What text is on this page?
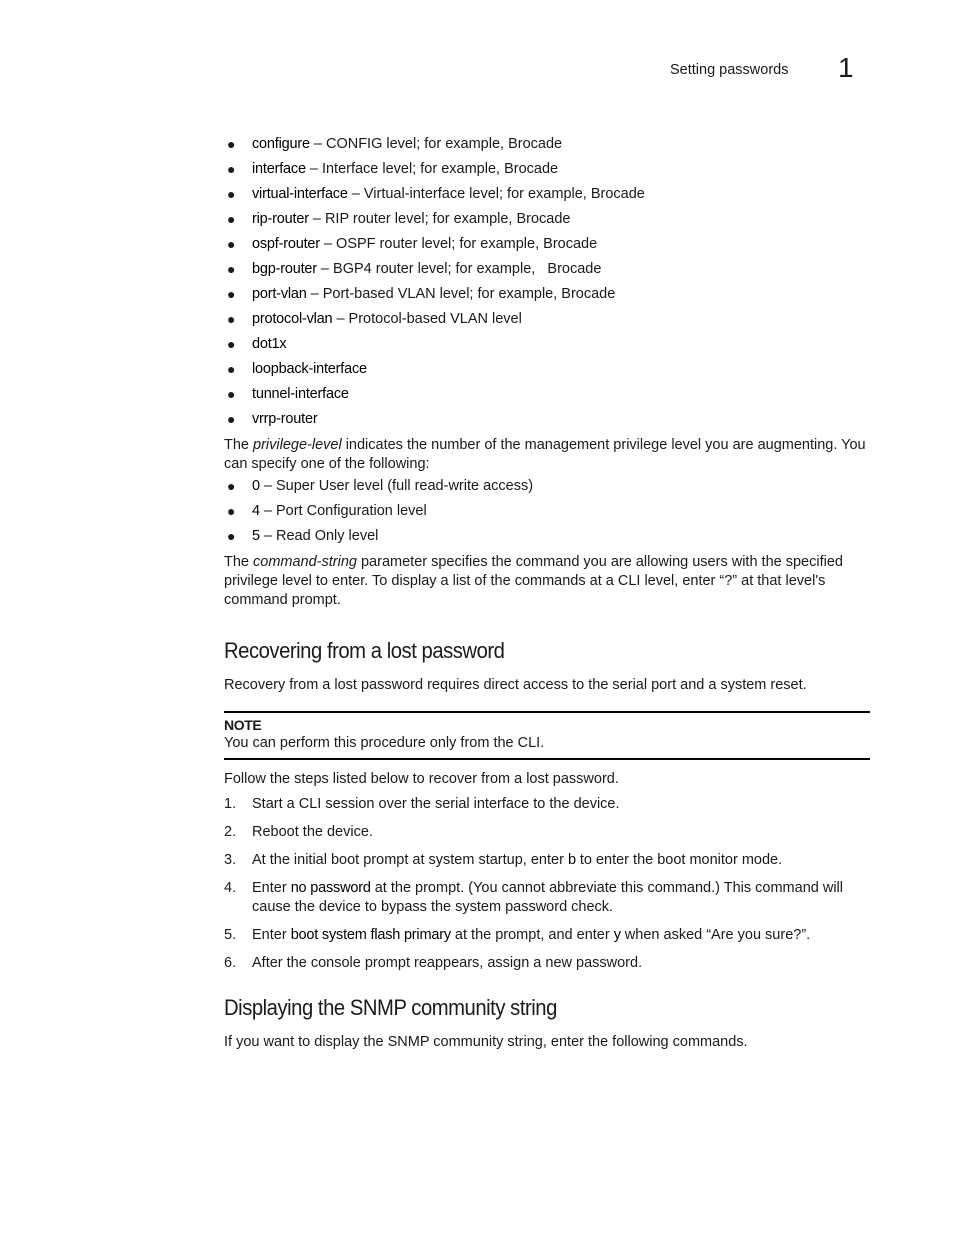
Setting passwords 1
● configure – CONFIG level; for example, Brocade
● interface – Interface level; for example, Brocade
● virtual-interface – Virtual-interface level; for example, Brocade
● rip-router – RIP router level; for example, Brocade
● ospf-router – OSPF router level; for example, Brocade
● bgp-router – BGP4 router level; for example,   Brocade
● port-vlan – Port-based VLAN level; for example, Brocade
● protocol-vlan – Protocol-based VLAN level
● dot1x
● loopback-interface
● tunnel-interface
● vrrp-router

The privilege-level indicates the number of the management privilege level you are augmenting. You can specify one of the following:

● 0 – Super User level (full read-write access)
● 4 – Port Configuration level
● 5 – Read Only level

The command-string parameter specifies the command you are allowing users with the specified privilege level to enter. To display a list of the commands at a CLI level, enter “?” at that level's command prompt.

Recovering from a lost password

Recovery from a lost password requires direct access to the serial port and a system reset.

NOTE
You can perform this procedure only from the CLI.

Follow the steps listed below to recover from a lost password.

1. Start a CLI session over the serial interface to the device.
2. Reboot the device.
3. At the initial boot prompt at system startup, enter b to enter the boot monitor mode.
4. Enter no password at the prompt. (You cannot abbreviate this command.) This command will cause the device to bypass the system password check.
5. Enter boot system flash primary at the prompt, and enter y when asked “Are you sure?”.
6. After the console prompt reappears, assign a new password.
Displaying the SNMP community string

If you want to display the SNMP community string, enter the following commands.
